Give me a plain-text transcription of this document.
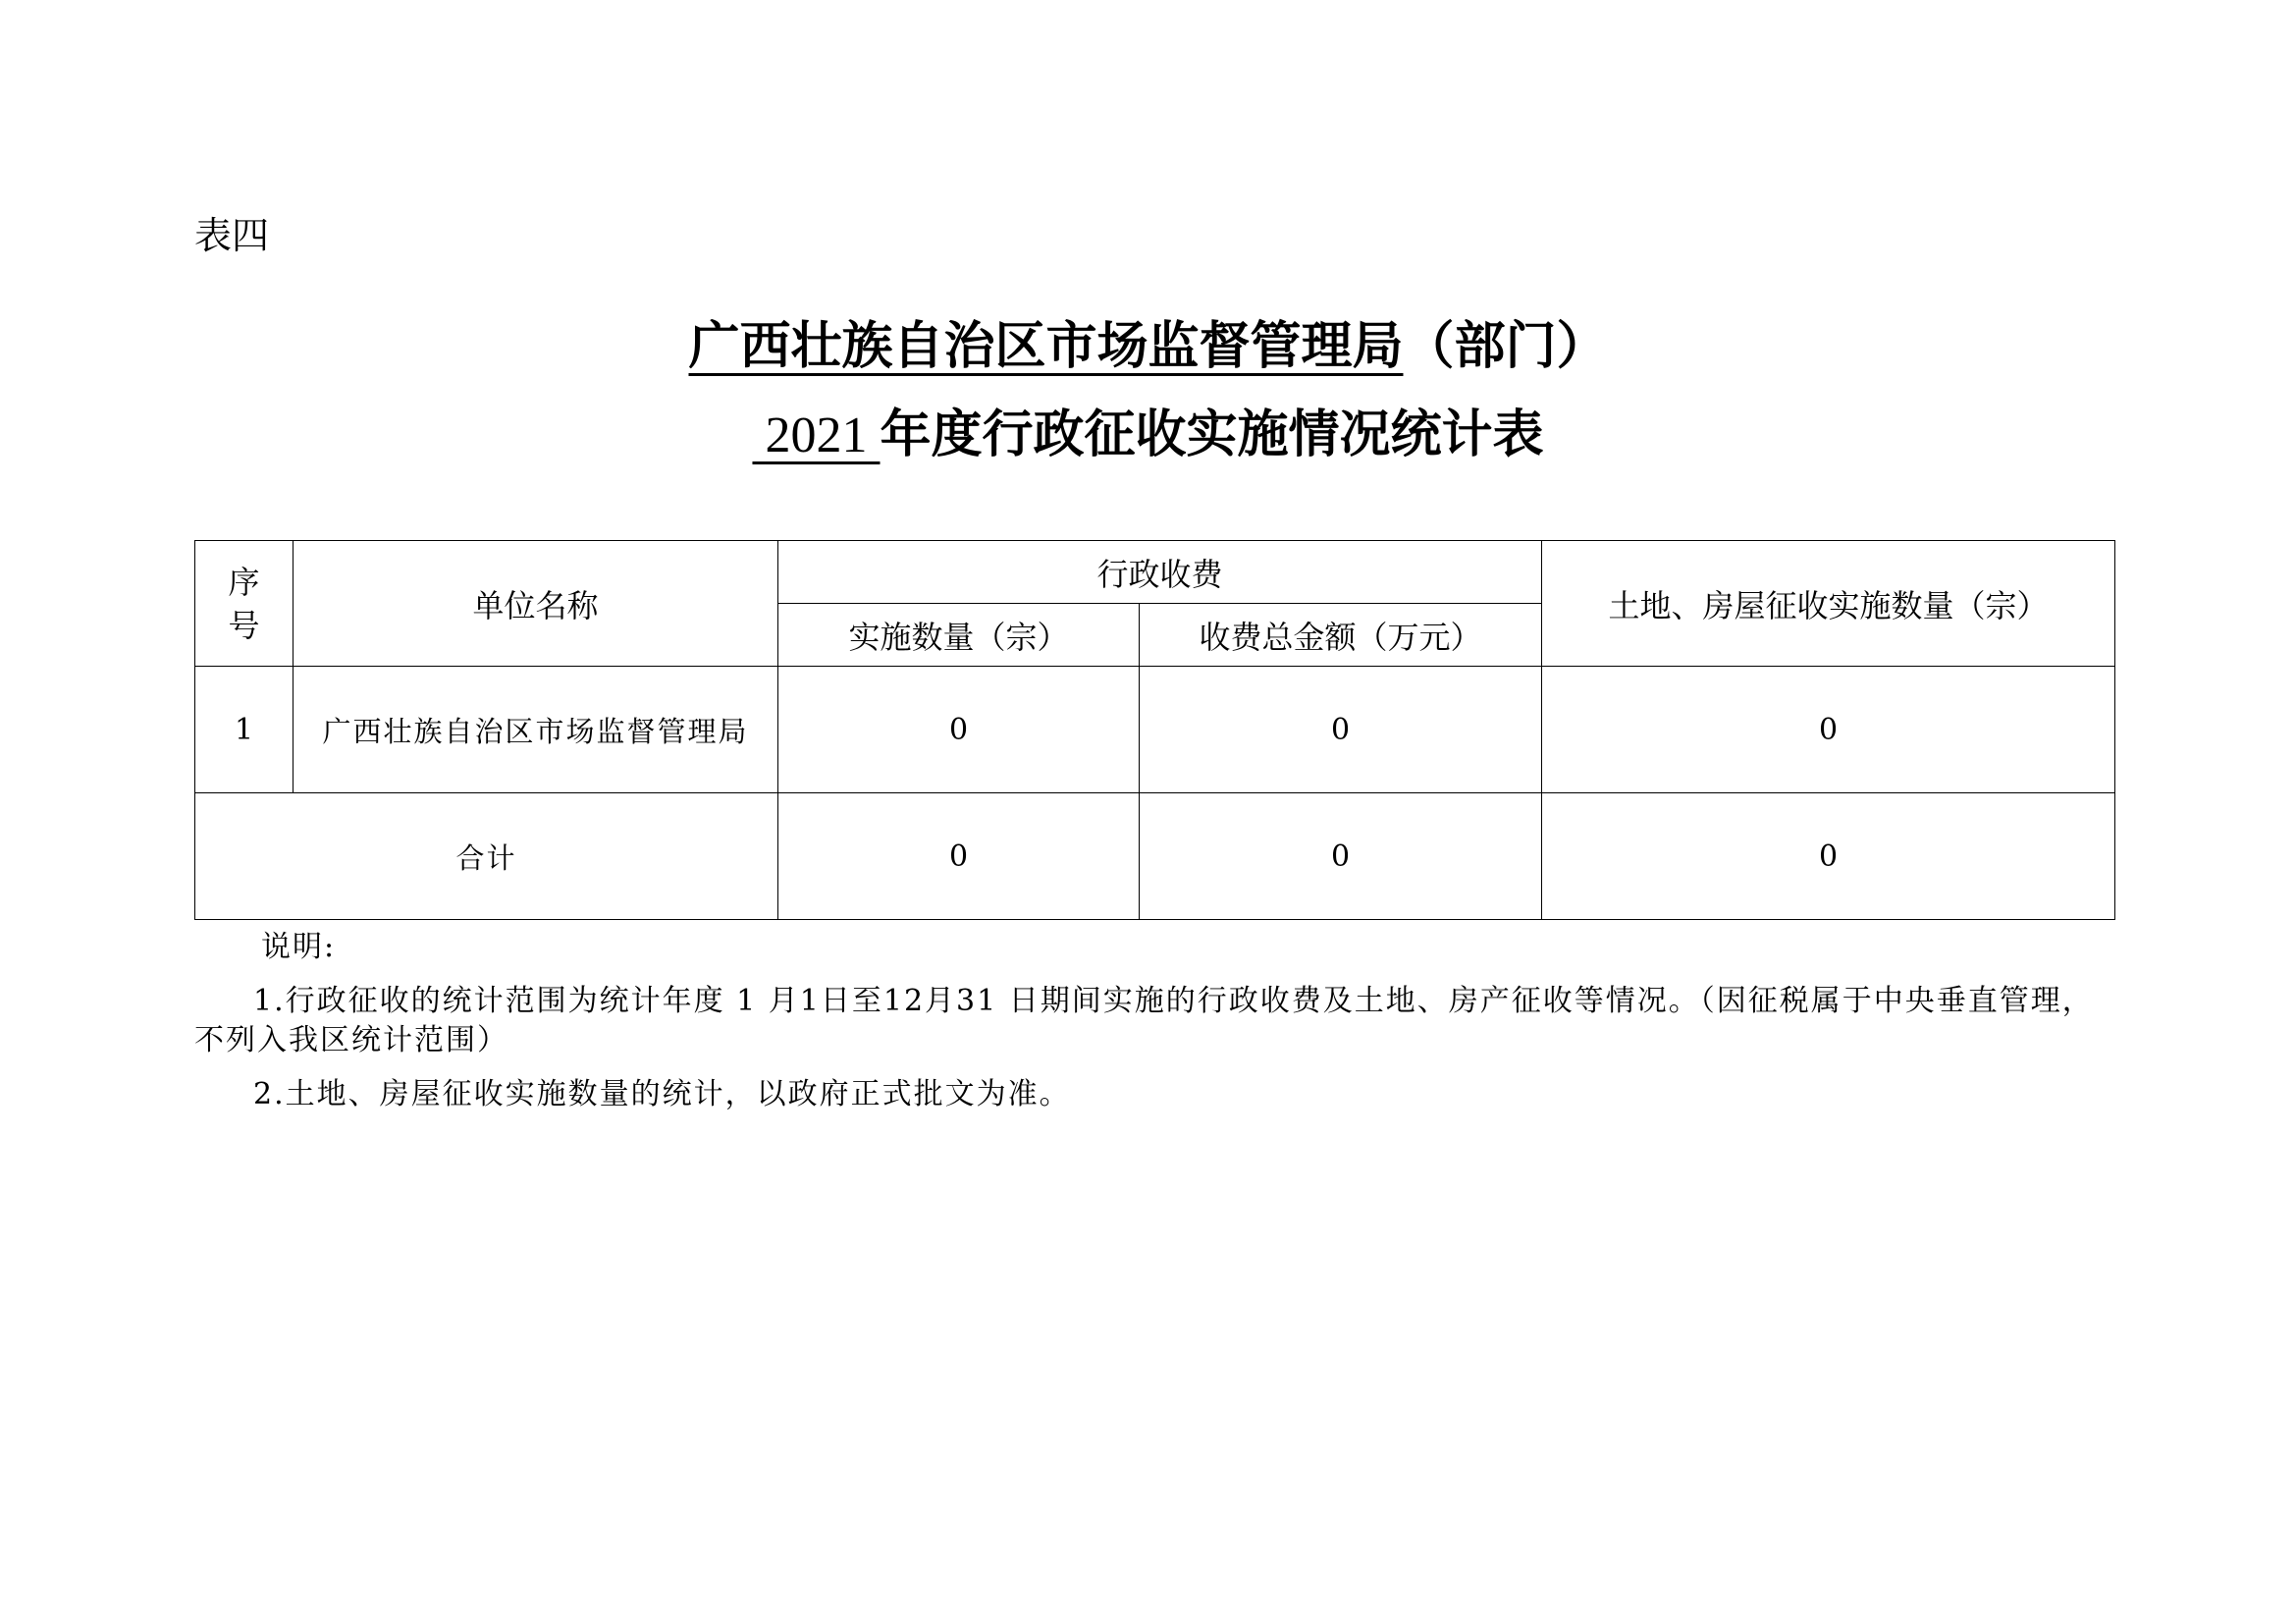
表四
广西壮族自治区市场监督管理局（部门）
2021 年度行政征收实施情况统计表
序号	单位名称	行政收费		土地、房屋征收实施数量（宗）
		实施数量（宗）	收费总金额（万元）	
1	广西壮族自治区市场监督管理局	0	0	0
合计		0	0	0

说明:

1.行政征收的统计范围为统计年度 1 月1日至12月31 日期间实施的行政收费及土地、房产征收等情况。（因征税属于中央垂直管理，不列入我区统计范围）

2.土地、房屋征收实施数量的统计，以政府正式批文为准。
